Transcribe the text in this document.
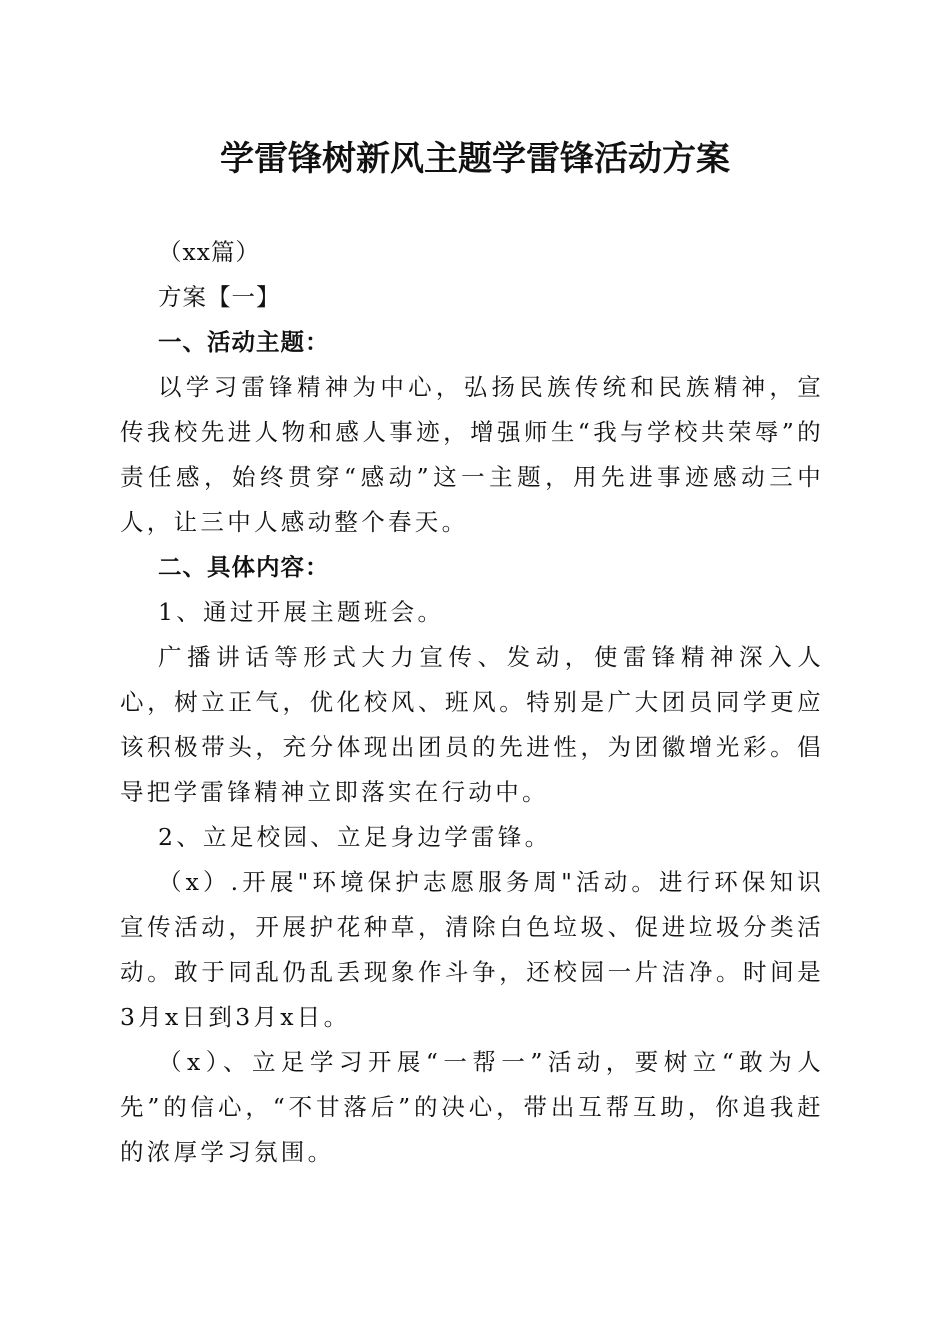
学雷锋树新风主题学雷锋活动方案

（xx篇）

方案【一】

一、活动主题：

以学习雷锋精神为中心，弘扬民族传统和民族精神，宣传我校先进人物和感人事迹，增强师生“我与学校共荣辱”的责任感，始终贯穿“感动”这一主题，用先进事迹感动三中人，让三中人感动整个春天。

二、具体内容：

1、通过开展主题班会。

广播讲话等形式大力宣传、发动，使雷锋精神深入人心，树立正气，优化校风、班风。特别是广大团员同学更应该积极带头，充分体现出团员的先进性，为团徽增光彩。倡导把学雷锋精神立即落实在行动中。

2、立足校园、立足身边学雷锋。

（x）.开展"环境保护志愿服务周"活动。进行环保知识宣传活动，开展护花种草，清除白色垃圾、促进垃圾分类活动。敢于同乱仍乱丢现象作斗争，还校园一片洁净。时间是3月x日到3月x日。

（x）、立足学习开展“一帮一”活动，要树立“敢为人先”的信心，“不甘落后”的决心，带出互帮互助，你追我赶的浓厚学习氛围。
